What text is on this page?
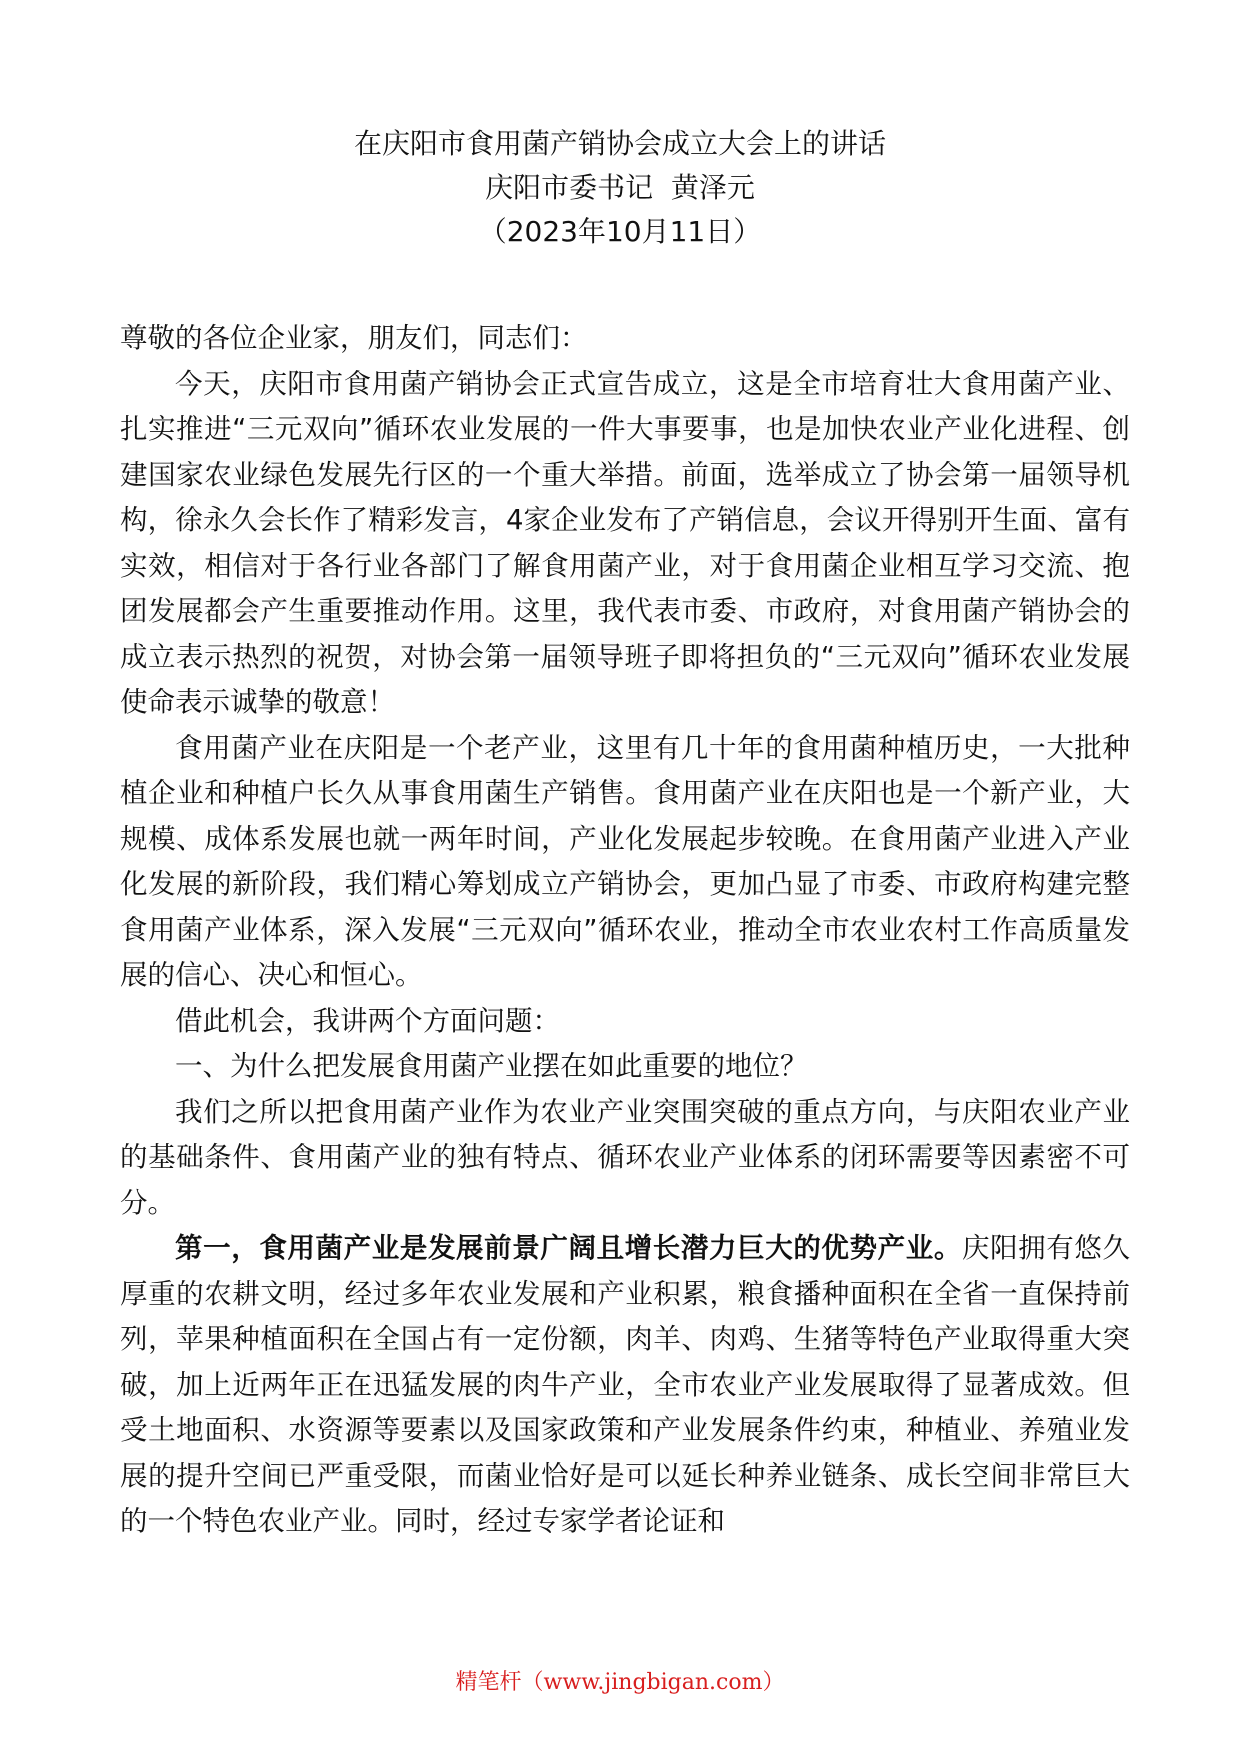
在庆阳市食用菌产销协会成立大会上的讲话
庆阳市委书记  黄泽元
（2023年10月11日）

尊敬的各位企业家，朋友们，同志们：

今天，庆阳市食用菌产销协会正式宣告成立，这是全市培育壮大食用菌产业、扎实推进“三元双向”循环农业发展的一件大事要事，也是加快农业产业化进程、创建国家农业绿色发展先行区的一个重大举措。前面，选举成立了协会第一届领导机构，徐永久会长作了精彩发言，4家企业发布了产销信息，会议开得别开生面、富有实效，相信对于各行业各部门了解食用菌产业，对于食用菌企业相互学习交流、抱团发展都会产生重要推动作用。这里，我代表市委、市政府，对食用菌产销协会的成立表示热烈的祝贺，对协会第一届领导班子即将担负的“三元双向”循环农业发展使命表示诚挚的敬意！

食用菌产业在庆阳是一个老产业，这里有几十年的食用菌种植历史，一大批种植企业和种植户长久从事食用菌生产销售。食用菌产业在庆阳也是一个新产业，大规模、成体系发展也就一两年时间，产业化发展起步较晚。在食用菌产业进入产业化发展的新阶段，我们精心筹划成立产销协会，更加凸显了市委、市政府构建完整食用菌产业体系，深入发展“三元双向”循环农业，推动全市农业农村工作高质量发展的信心、决心和恒心。

借此机会，我讲两个方面问题：

一、为什么把发展食用菌产业摆在如此重要的地位？

我们之所以把食用菌产业作为农业产业突围突破的重点方向，与庆阳农业产业的基础条件、食用菌产业的独有特点、循环农业产业体系的闭环需要等因素密不可分。

第一，食用菌产业是发展前景广阔且增长潜力巨大的优势产业。庆阳拥有悠久厚重的农耕文明，经过多年农业发展和产业积累，粮食播种面积在全省一直保持前列，苹果种植面积在全国占有一定份额，肉羊、肉鸡、生猪等特色产业取得重大突破，加上近两年正在迅猛发展的肉牛产业，全市农业产业发展取得了显著成效。但受土地面积、水资源等要素以及国家政策和产业发展条件约束，种植业、养殖业发展的提升空间已严重受限，而菌业恰好是可以延长种养业链条、成长空间非常巨大的一个特色农业产业。同时，经过专家学者论证和

精笔杆（www.jingbigan.com）
